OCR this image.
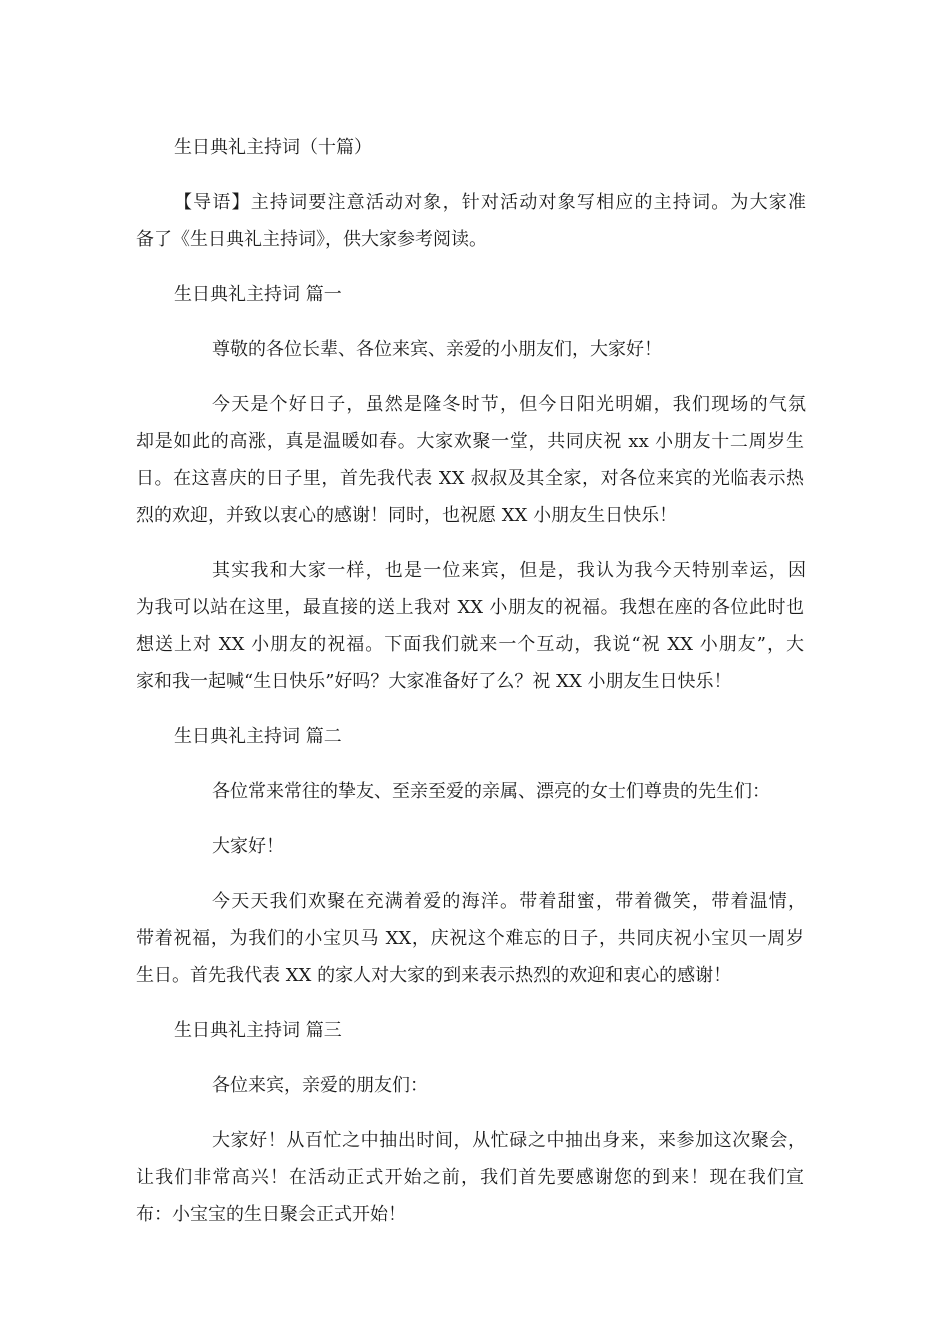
生日典礼主持词（十篇）
【导语】主持词要注意活动对象，针对活动对象写相应的主持词。为大家准
备了《生日典礼主持词》，供大家参考阅读。
生日典礼主持词 篇一
尊敬的各位长辈、各位来宾、亲爱的小朋友们，大家好！
今天是个好日子，虽然是隆冬时节，但今日阳光明媚，我们现场的气氛
却是如此的高涨，真是温暖如春。大家欢聚一堂，共同庆祝 xx 小朋友十二周岁生
日。在这喜庆的日子里，首先我代表 XX 叔叔及其全家，对各位来宾的光临表示热
烈的欢迎，并致以衷心的感谢！同时，也祝愿 XX 小朋友生日快乐！
其实我和大家一样，也是一位来宾，但是，我认为我今天特别幸运，因
为我可以站在这里，最直接的送上我对 XX 小朋友的祝福。我想在座的各位此时也
想送上对 XX 小朋友的祝福。下面我们就来一个互动，我说“祝 XX 小朋友”，大
家和我一起喊“生日快乐”好吗？大家准备好了么？祝 XX 小朋友生日快乐！
生日典礼主持词 篇二
各位常来常往的挚友、至亲至爱的亲属、漂亮的女士们尊贵的先生们：
大家好！
今天天我们欢聚在充满着爱的海洋。带着甜蜜，带着微笑，带着温情，
带着祝福，为我们的小宝贝马 XX，庆祝这个难忘的日子，共同庆祝小宝贝一周岁
生日。首先我代表 XX 的家人对大家的到来表示热烈的欢迎和衷心的感谢！
生日典礼主持词 篇三
各位来宾，亲爱的朋友们：
大家好！从百忙之中抽出时间，从忙碌之中抽出身来，来参加这次聚会，
让我们非常高兴！在活动正式开始之前，我们首先要感谢您的到来！现在我们宣
布：小宝宝的生日聚会正式开始！
